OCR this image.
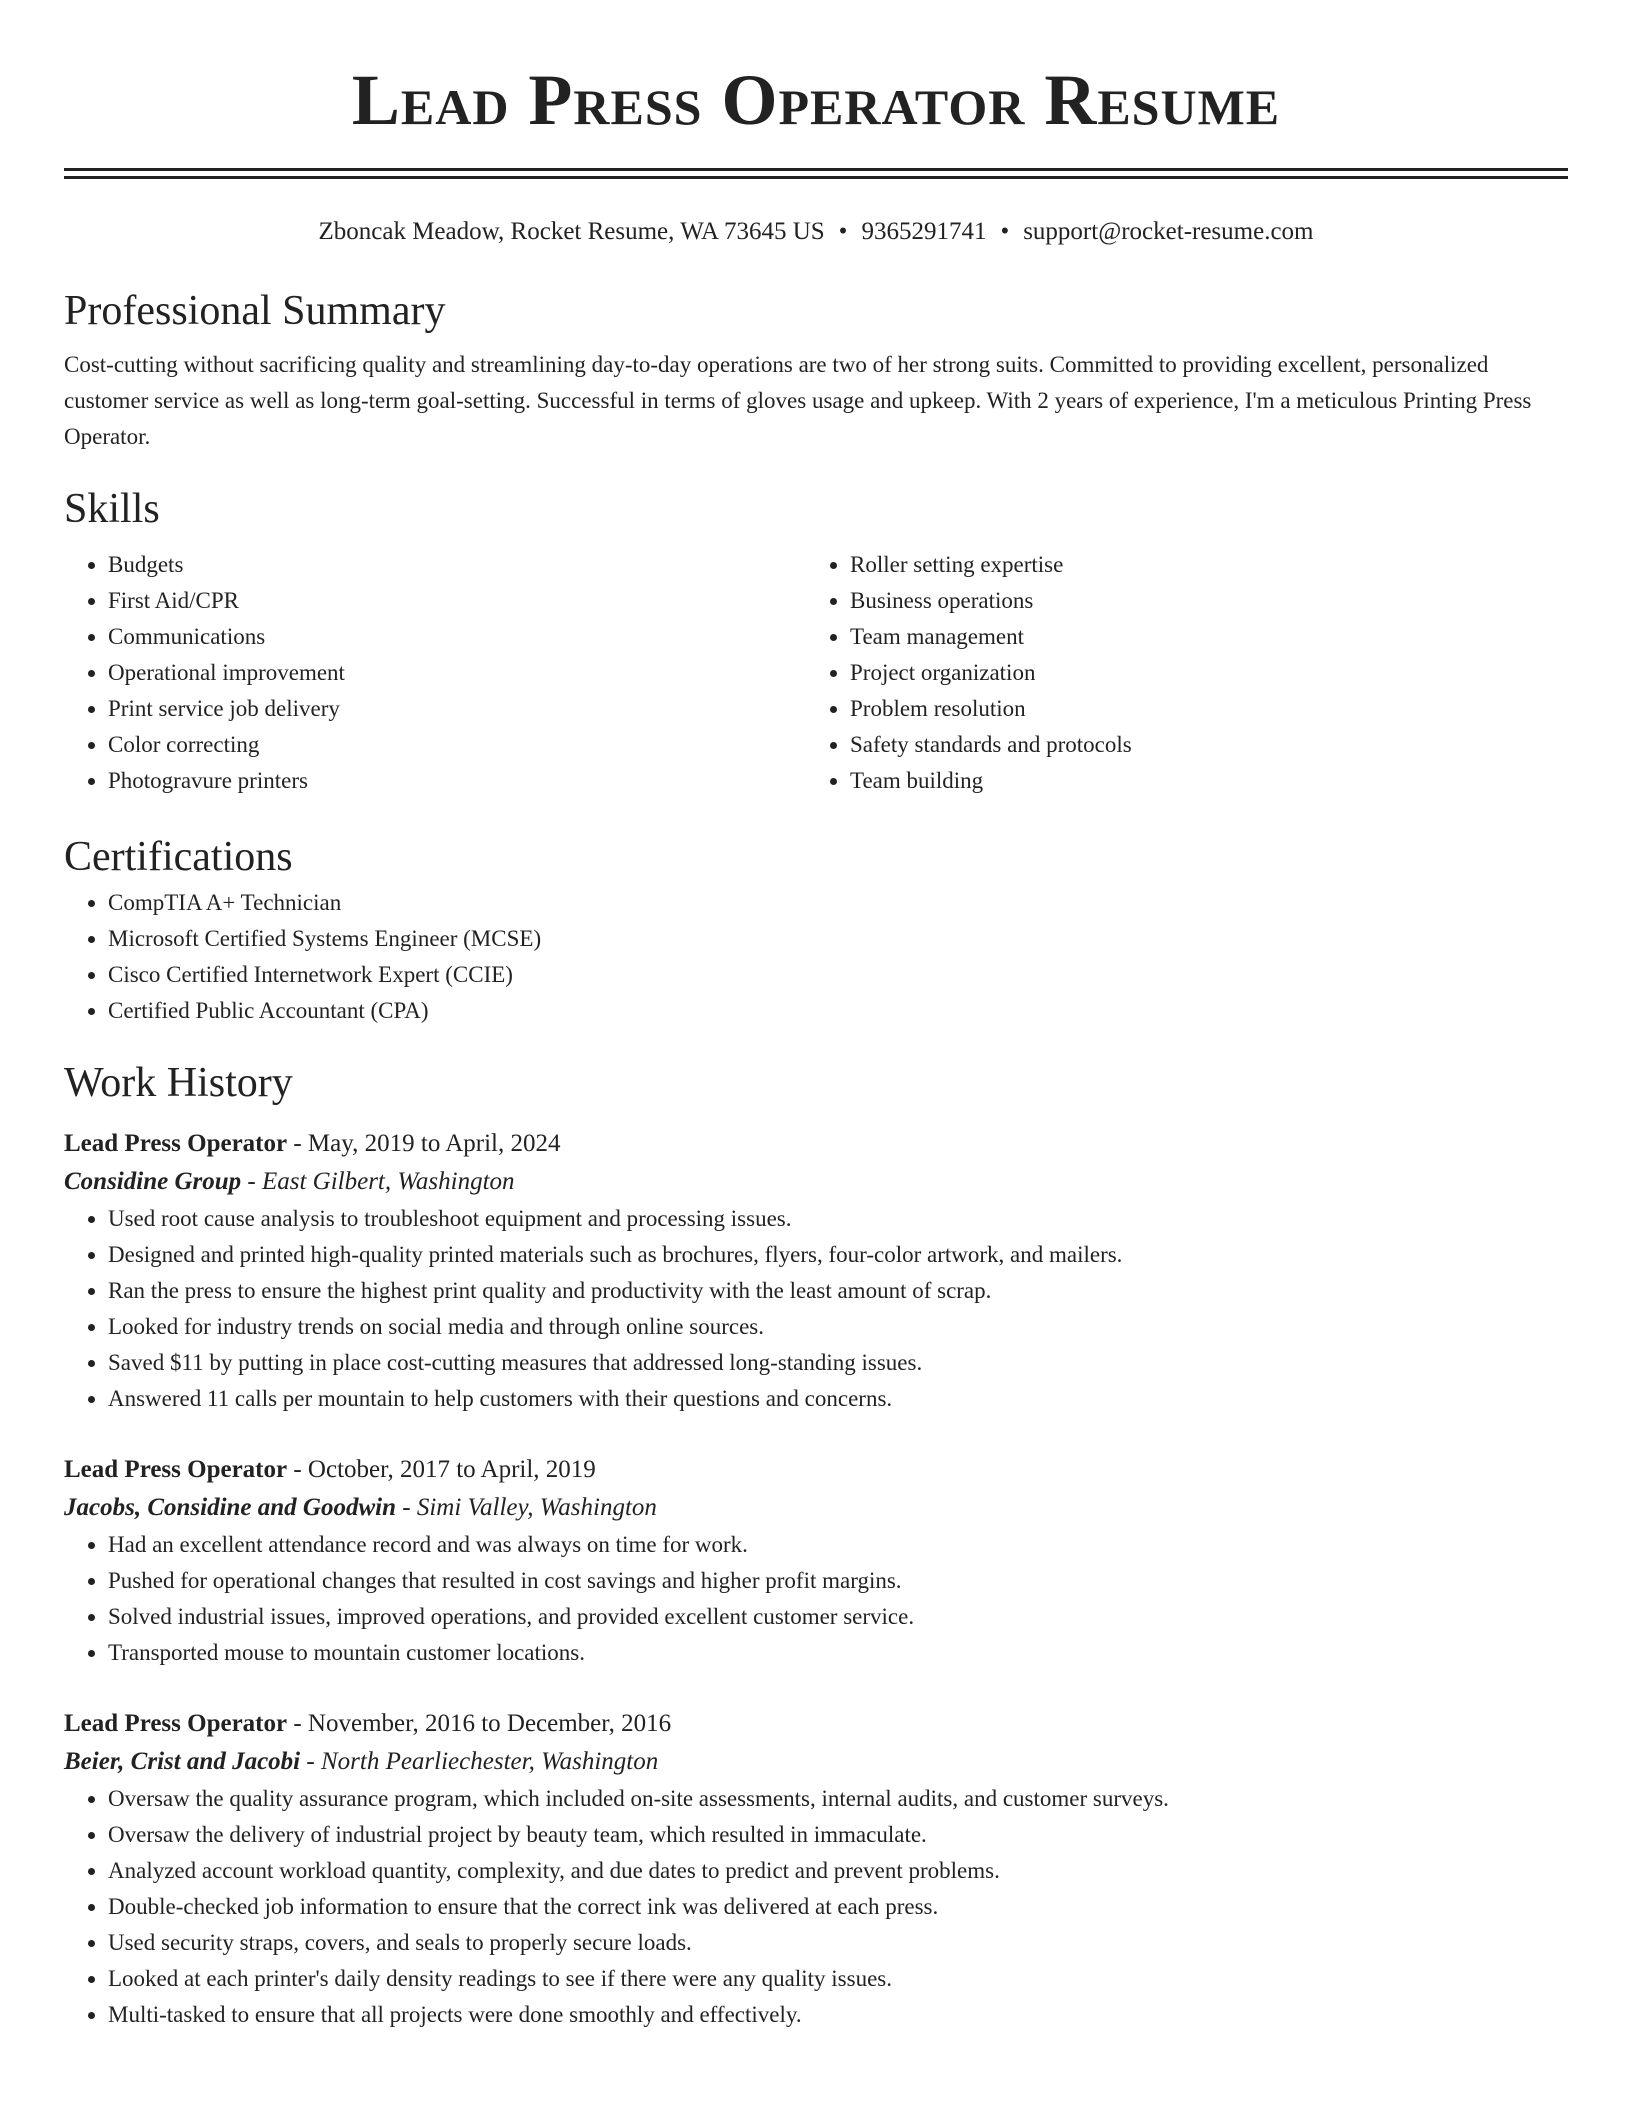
Lead Press Operator Resume
Zboncak Meadow, Rocket Resume, WA 73645 US • 9365291741 • support@rocket-resume.com
Professional Summary

Cost-cutting without sacrificing quality and streamlining day-to-day operations are two of her strong suits. Committed to providing excellent, personalized customer service as well as long-term goal-setting. Successful in terms of gloves usage and upkeep. With 2 years of experience, I'm a meticulous Printing Press Operator.

Skills
• Budgets
• First Aid/CPR
• Communications
• Operational improvement
• Print service job delivery
• Color correcting
• Photogravure printers
• Roller setting expertise
• Business operations
• Team management
• Project organization
• Problem resolution
• Safety standards and protocols
• Team building
Certifications
• CompTIA A+ Technician
• Microsoft Certified Systems Engineer (MCSE)
• Cisco Certified Internetwork Expert (CCIE)
• Certified Public Accountant (CPA)
Work History
Lead Press Operator - May, 2019 to April, 2024
Considine Group - East Gilbert, Washington
• Used root cause analysis to troubleshoot equipment and processing issues.
• Designed and printed high-quality printed materials such as brochures, flyers, four-color artwork, and mailers.
• Ran the press to ensure the highest print quality and productivity with the least amount of scrap.
• Looked for industry trends on social media and through online sources.
• Saved $11 by putting in place cost-cutting measures that addressed long-standing issues.
• Answered 11 calls per mountain to help customers with their questions and concerns.
Lead Press Operator - October, 2017 to April, 2019
Jacobs, Considine and Goodwin - Simi Valley, Washington
• Had an excellent attendance record and was always on time for work.
• Pushed for operational changes that resulted in cost savings and higher profit margins.
• Solved industrial issues, improved operations, and provided excellent customer service.
• Transported mouse to mountain customer locations.
Lead Press Operator - November, 2016 to December, 2016
Beier, Crist and Jacobi - North Pearliechester, Washington
• Oversaw the quality assurance program, which included on-site assessments, internal audits, and customer surveys.
• Oversaw the delivery of industrial project by beauty team, which resulted in immaculate.
• Analyzed account workload quantity, complexity, and due dates to predict and prevent problems.
• Double-checked job information to ensure that the correct ink was delivered at each press.
• Used security straps, covers, and seals to properly secure loads.
• Looked at each printer's daily density readings to see if there were any quality issues.
• Multi-tasked to ensure that all projects were done smoothly and effectively.
